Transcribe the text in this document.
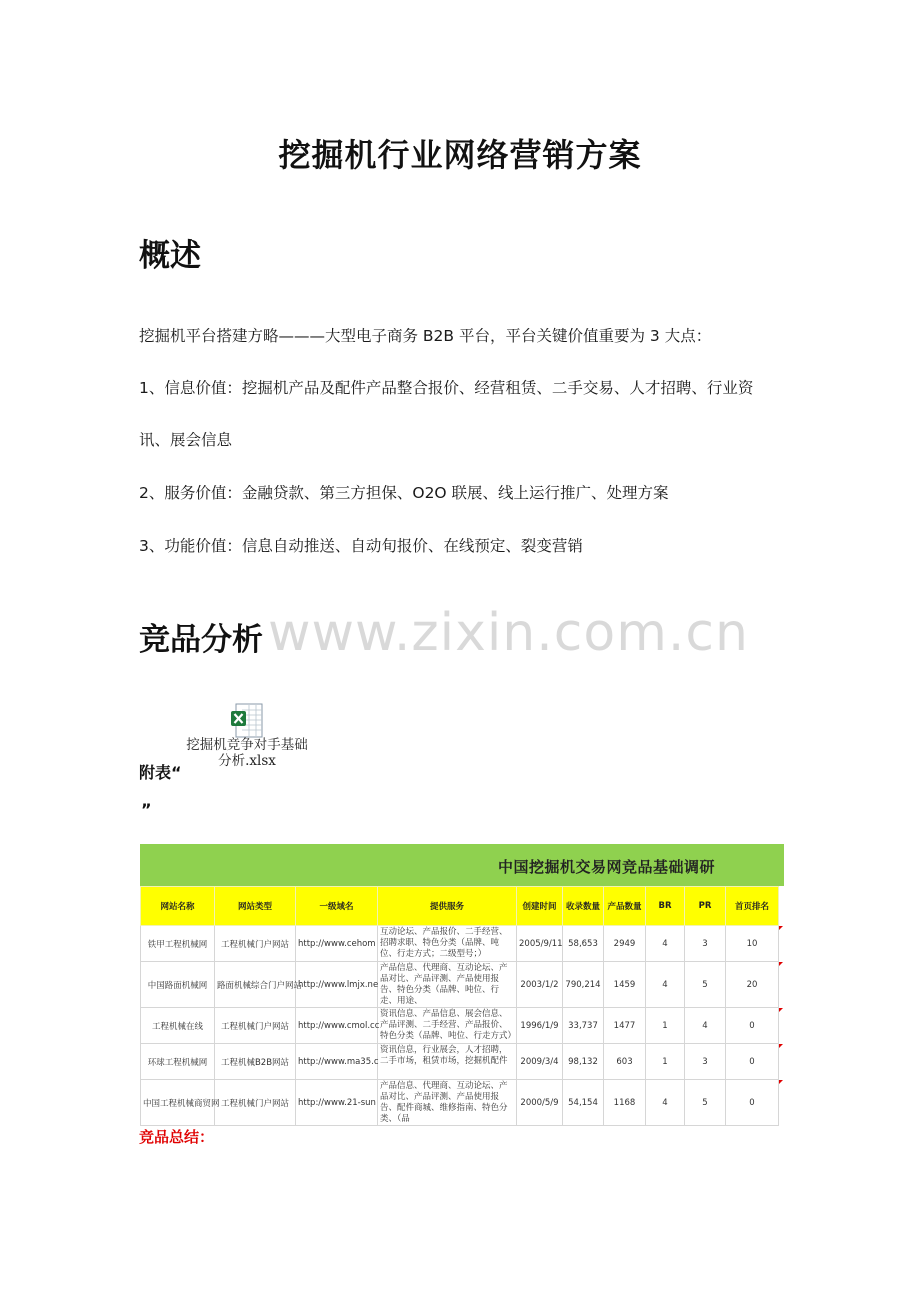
挖掘机行业网络营销方案
概述
挖掘机平台搭建方略———大型电子商务 B2B 平台，平台关键价值重要为 3 大点：
1、信息价值：挖掘机产品及配件产品整合报价、经营租赁、二手交易、人才招聘、行业资
讯、展会信息
2、服务价值：金融贷款、第三方担保、O2O 联展、线上运行推广、处理方案
3、功能价值：信息自动推送、自动旬报价、在线预定、裂变营销
www.zixin.com.cn
竞品分析
挖掘机竞争对手基础分析.xlsx
附表“
”
中国挖掘机交易网竞品基础调研
网站名称	网站类型	一级域名	提供服务	创建时间	收录数量	产品数量	BR	PR	首页排名	
铁甲工程机械网	工程机械门户网站	http://www.cehom	互动论坛、产品报价、二手经营、招聘求职、特色分类（品牌、吨位、行走方式；二级型号；）	2005/9/11	58,653	2949	4	3	10	
中国路面机械网	路面机械综合门户网站	http://www.lmjx.ne	产品信息、代理商、互动论坛、产品对比、产品评测、产品使用报告、特色分类（品牌、吨位、行走、用途、	2003/1/2	790,214	1459	4	5	20	
工程机械在线	工程机械门户网站	http://www.cmol.cc	资讯信息、产品信息、展会信息、产品评测、二手经营、产品报价、特色分类（品牌、吨位、行走方式）	1996/1/9	33,737	1477	1	4	0	
环球工程机械网	工程机械B2B网站	http://www.ma35.c	资讯信息，行业展会，人才招聘，二手市场，租赁市场，挖掘机配件	2009/3/4	98,132	603	1	3	0	
中国工程机械商贸网	工程机械门户网站	http://www.21-sun	产品信息、代理商、互动论坛、产品对比、产品评测、产品使用报告、配件商城、维修指南、特色分类、（品	2000/5/9	54,154	1168	4	5	0	
竞品总结：
